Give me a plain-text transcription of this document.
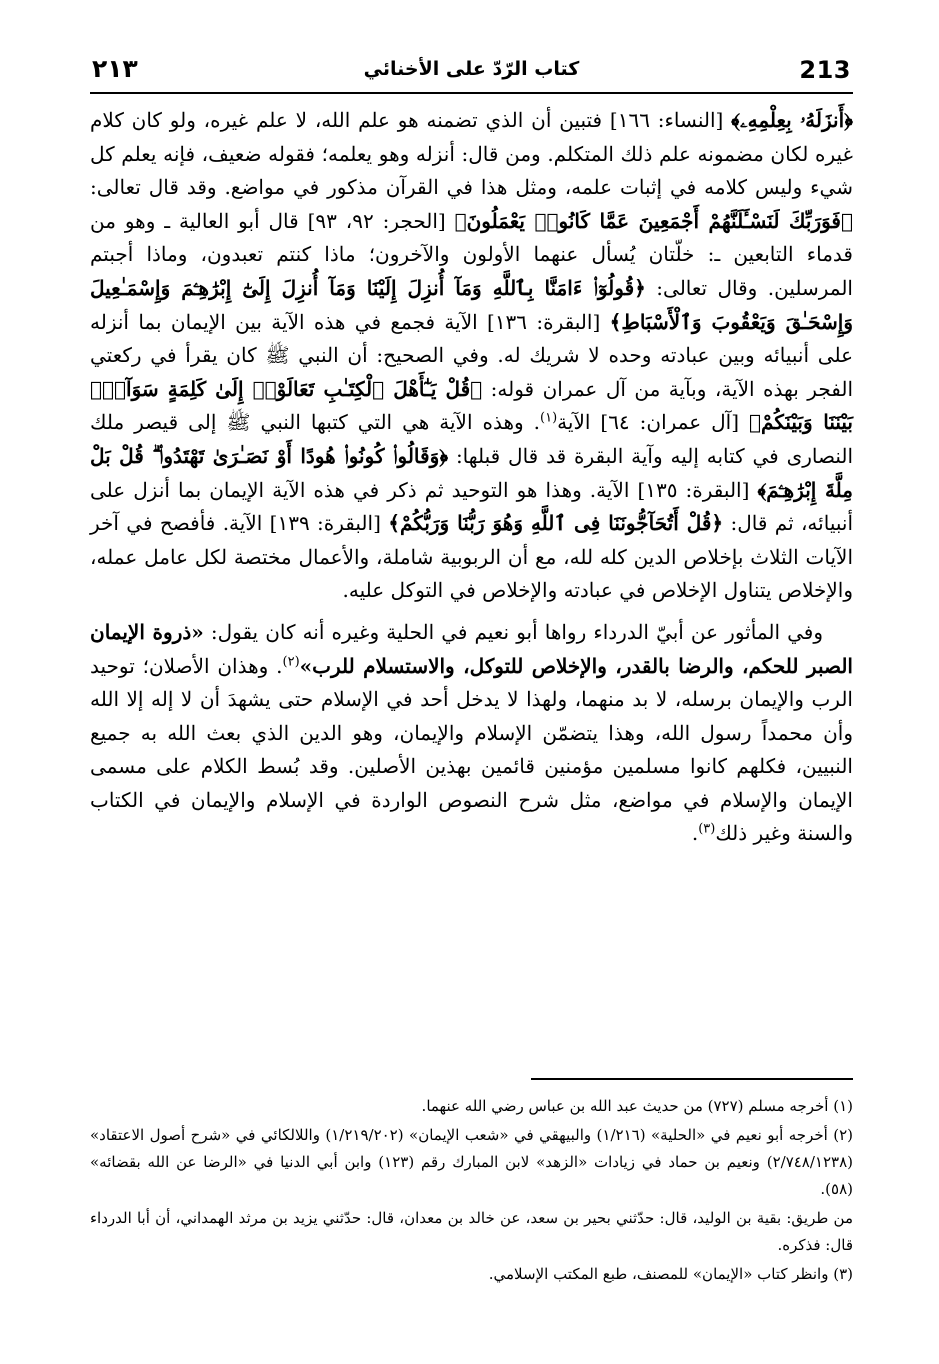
٢١٣	كتاب الرّدّ على الأخنائي	213

﴿أَنزَلَهُۥ بِعِلْمِهِۦ﴾ [النساء: ١٦٦] فتبين أن الذي تضمنه هو علم الله، لا علم غيره، ولو كان كلام غيره لكان مضمونه علم ذلك المتكلم. ومن قال: أنزله وهو يعلمه؛ فقوله ضعيف، فإنه يعلم كل شيء وليس كلامه في إثبات علمه، ومثل هذا في القرآن مذكور في مواضع. وقد قال تعالى: ﴿فَوَرَبِّكَ لَنَسْـَٔلَنَّهُمْ أَجْمَعِينَ عَمَّا كَانُوا۟ يَعْمَلُونَ﴾ [الحجر: ٩٢، ٩٣] قال أبو العالية ـ وهو من قدماء التابعين ـ: خلّتان يُسأل عنهما الأولون والآخرون؛ ماذا كنتم تعبدون، وماذا أجبتم المرسلين. وقال تعالى: ﴿قُولُوٓا۟ ءَامَنَّا بِٱللَّهِ وَمَآ أُنزِلَ إِلَيْنَا وَمَآ أُنزِلَ إِلَىٰٓ إِبْرَٰهِـۧمَ وَإِسْمَـٰعِيلَ وَإِسْحَـٰقَ وَيَعْقُوبَ وَٱلْأَسْبَاطِ﴾ [البقرة: ١٣٦] الآية فجمع في هذه الآية بين الإيمان بما أنزله على أنبيائه وبين عبادته وحده لا شريك له. وفي الصحيح: أن النبي ﷺ كان يقرأ في ركعتي الفجر بهذه الآية، وبآية من آل عمران قوله: ﴿قُلْ يَـٰٓأَهْلَ ٱلْكِتَـٰبِ تَعَالَوْا۟ إِلَىٰ كَلِمَةٍ سَوَآءٍۭ بَيْنَنَا وَبَيْنَكُمْ﴾ [آل عمران: ٦٤] الآية$^{(١)}$. وهذه الآية هي التي كتبها النبي ﷺ إلى قيصر ملك النصارى في كتابه إليه وآية البقرة قد قال قبلها: ﴿وَقَالُوا۟ كُونُوا۟ هُودًا أَوْ نَصَـٰرَىٰ تَهْتَدُوا۟ ۗ قُلْ بَلْ مِلَّةَ إِبْرَٰهِـۧمَ﴾ [البقرة: ١٣٥] الآية. وهذا هو التوحيد ثم ذكر في هذه الآية الإيمان بما أنزل على أنبيائه، ثم قال: ﴿قُلْ أَتُحَآجُّونَنَا فِى ٱللَّهِ وَهُوَ رَبُّنَا وَرَبُّكُمْ﴾ [البقرة: ١٣٩] الآية. فأفصح في آخر الآيات الثلاث بإخلاص الدين كله لله، مع أن الربوبية شاملة، والأعمال مختصة لكل عامل عمله، والإخلاص يتناول الإخلاص في عبادته والإخلاص في التوكل عليه.

وفي المأثور عن أبيّ الدرداء رواها أبو نعيم في الحلية وغيره أنه كان يقول: «ذروة الإيمان الصبر للحكم، والرضا بالقدر، والإخلاص للتوكل، والاستسلام للرب»$^{(٢)}$. وهذان الأصلان؛ توحيد الرب والإيمان برسله، لا بد منهما، ولهذا لا يدخل أحد في الإسلام حتى يشهدَ أن لا إله إلا الله وأن محمداً رسول الله، وهذا يتضمّن الإسلام والإيمان، وهو الدين الذي بعث الله به جميع النبيين، فكلهم كانوا مسلمين مؤمنين قائمين بهذين الأصلين. وقد بُسط الكلام على مسمى الإيمان والإسلام في مواضع، مثل شرح النصوص الواردة في الإسلام والإيمان في الكتاب والسنة وغير ذلك$^{(٣)}$.

(١) أخرجه مسلم (٧٢٧) من حديث عبد الله بن عباس رضي الله عنهما.

(٢) أخرجه أبو نعيم في «الحلية» (١/٢١٦) والبيهقي في «شعب الإيمان» (١/٢١٩/٢٠٢) واللالكائي في «شرح أصول الاعتقاد» (٢/٧٤٨/١٢٣٨) ونعيم بن حماد في زيادات «الزهد» لابن المبارك رقم (١٢٣) وابن أبي الدنيا في «الرضا عن الله بقضائه» (٥٨).

من طريق: بقية بن الوليد، قال: حدّثني بحير بن سعد، عن خالد بن معدان، قال: حدّثني يزيد بن مرثد الهمداني، أن أبا الدرداء قال: فذكره.

(٣) وانظر كتاب «الإيمان» للمصنف، طبع المكتب الإسلامي.
